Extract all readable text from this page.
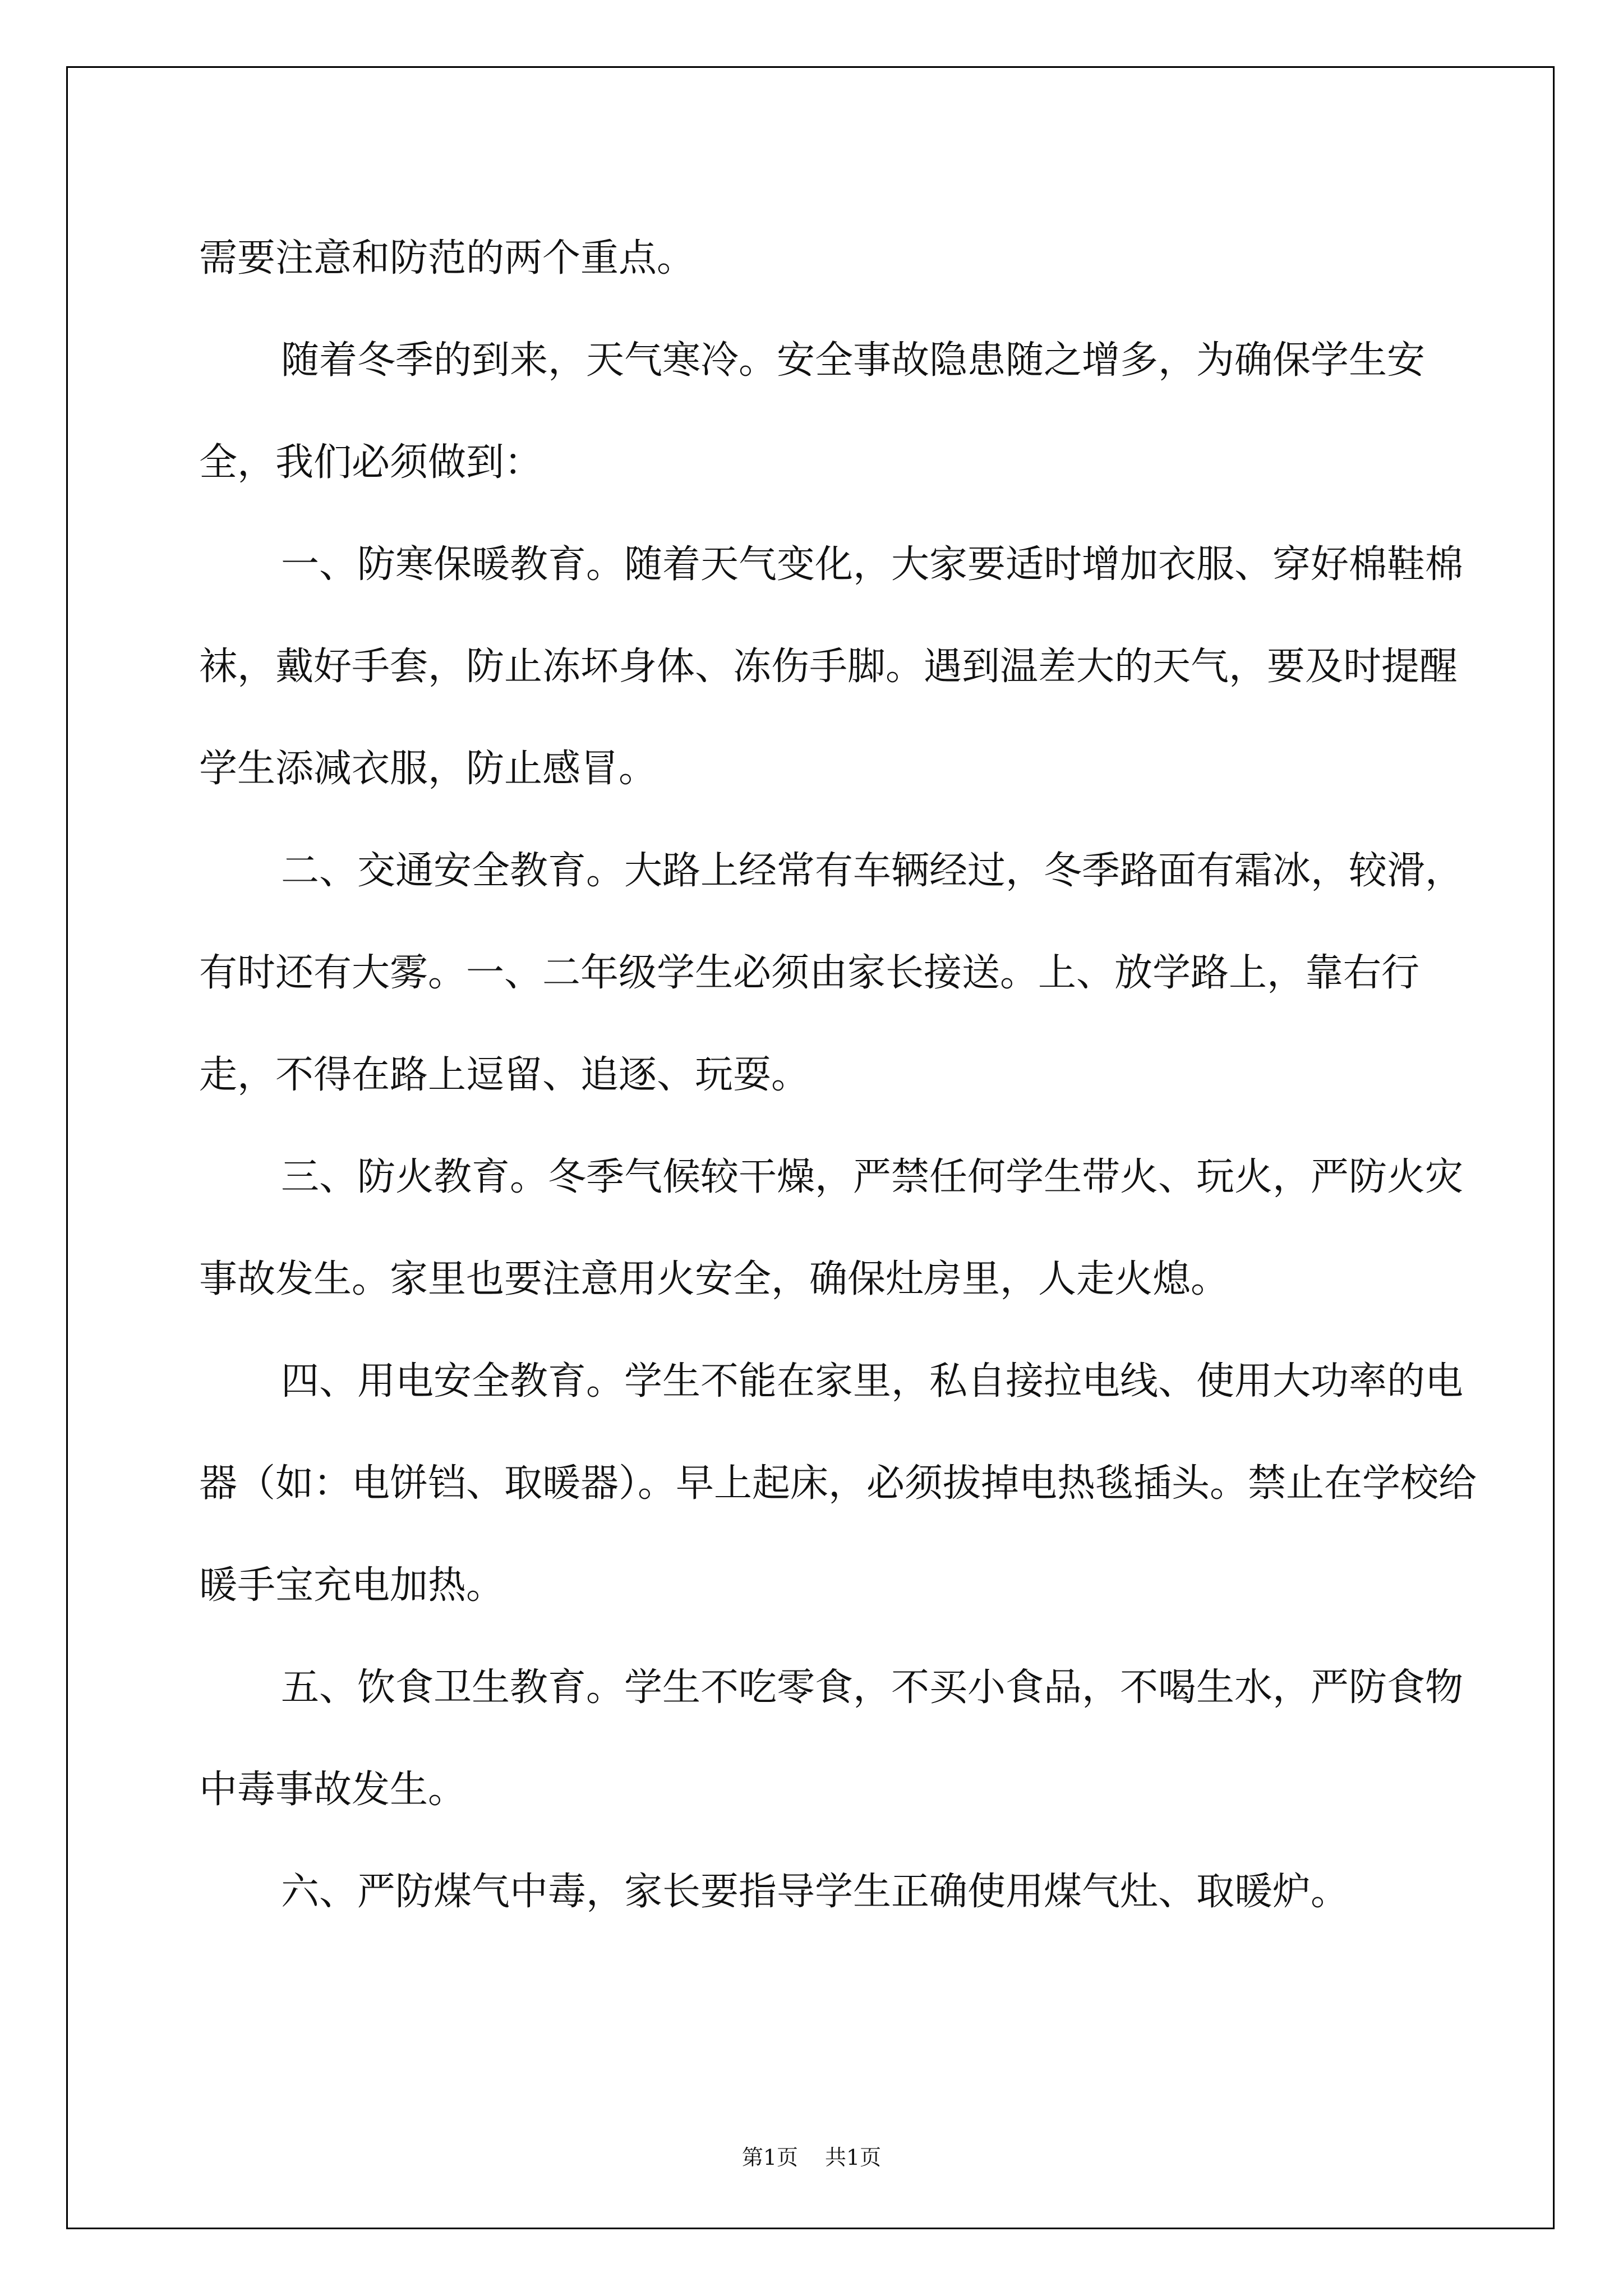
需要注意和防范的两个重点。

随着冬季的到来，天气寒冷。安全事故隐患随之增多，为确保学生安全，我们必须做到：

一、防寒保暖教育。随着天气变化，大家要适时增加衣服、穿好棉鞋棉袜，戴好手套，防止冻坏身体、冻伤手脚。遇到温差大的天气，要及时提醒学生添减衣服，防止感冒。

二、交通安全教育。大路上经常有车辆经过，冬季路面有霜冰，较滑，有时还有大雾。一、二年级学生必须由家长接送。上、放学路上，靠右行走，不得在路上逗留、追逐、玩耍。

三、防火教育。冬季气候较干燥，严禁任何学生带火、玩火，严防火灾事故发生。家里也要注意用火安全，确保灶房里，人走火熄。

四、用电安全教育。学生不能在家里，私自接拉电线、使用大功率的电器（如：电饼铛、取暖器）。早上起床，必须拔掉电热毯插头。禁止在学校给暖手宝充电加热。

五、饮食卫生教育。学生不吃零食，不买小食品，不喝生水，严防食物中毒事故发生。

六、严防煤气中毒，家长要指导学生正确使用煤气灶、取暖炉。

第1页 共1页
